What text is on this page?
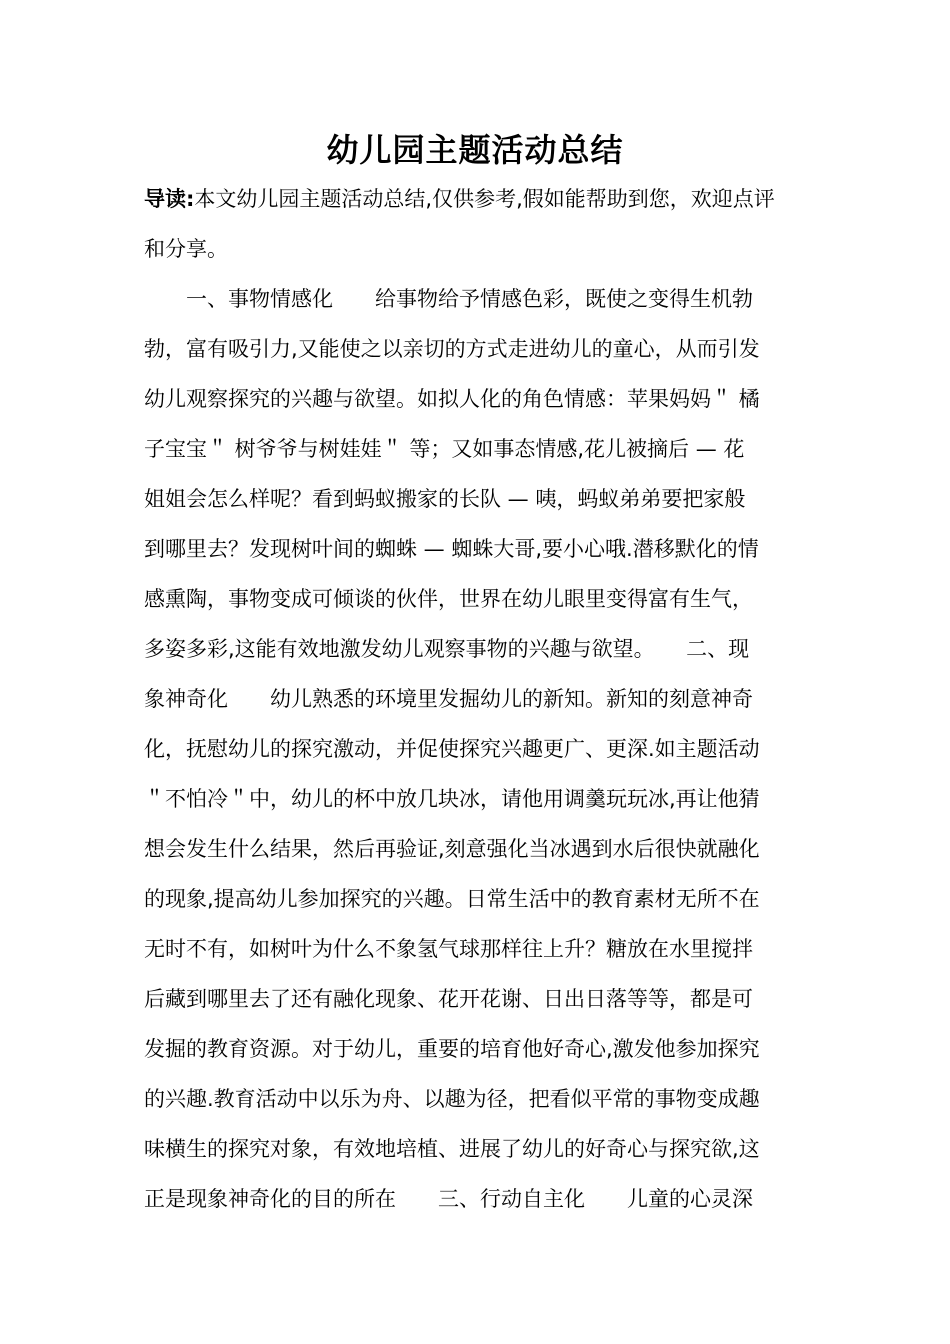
幼儿园主题活动总结
导读:本文幼儿园主题活动总结,仅供参考,假如能帮助到您，欢迎点评
和分享。
一、事物情感化　　给事物给予情感色彩，既使之变得生机勃
勃，富有吸引力,又能使之以亲切的方式走进幼儿的童心，从而引发
幼儿观察探究的兴趣与欲望。如拟人化的角色情感：苹果妈妈＂ 橘
子宝宝＂ 树爷爷与树娃娃＂ 等；又如事态情感,花儿被摘后 — 花
姐姐会怎么样呢？看到蚂蚁搬家的长队 — 咦，蚂蚁弟弟要把家般
到哪里去？发现树叶间的蜘蛛 — 蜘蛛大哥,要小心哦.潜移默化的情
感熏陶，事物变成可倾谈的伙伴，世界在幼儿眼里变得富有生气，
多姿多彩,这能有效地激发幼儿观察事物的兴趣与欲望。　　二、现
象神奇化　　幼儿熟悉的环境里发掘幼儿的新知。新知的刻意神奇
化，抚慰幼儿的探究激动，并促使探究兴趣更广、更深.如主题活动
＂不怕冷＂中，幼儿的杯中放几块冰，请他用调羹玩玩冰,再让他猜
想会发生什么结果，然后再验证,刻意强化当冰遇到水后很快就融化
的现象,提高幼儿参加探究的兴趣。日常生活中的教育素材无所不在
无时不有，如树叶为什么不象氢气球那样往上升？糖放在水里搅拌
后藏到哪里去了还有融化现象、花开花谢、日出日落等等，都是可
发掘的教育资源。对于幼儿，重要的培育他好奇心,激发他参加探究
的兴趣.教育活动中以乐为舟、以趣为径，把看似平常的事物变成趣
味横生的探究对象，有效地培植、进展了幼儿的好奇心与探究欲,这
正是现象神奇化的目的所在　　三、行动自主化　　儿童的心灵深
